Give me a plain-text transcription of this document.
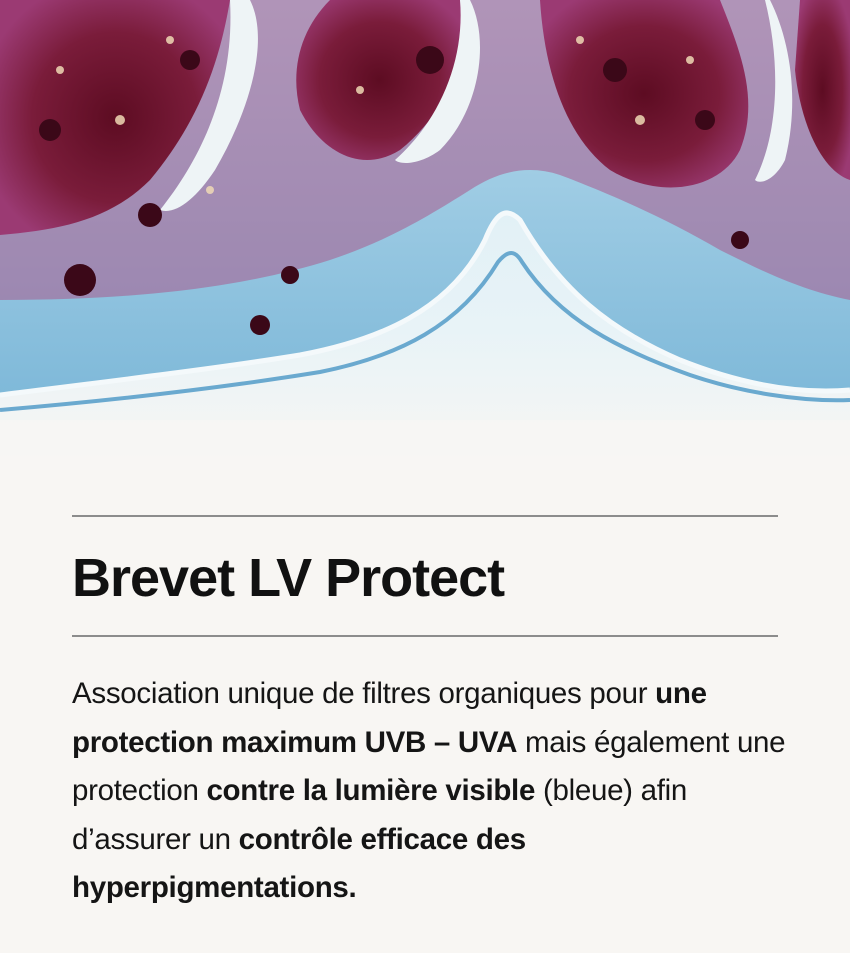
Brevet LV Protect

Association unique de filtres organiques pour une protection maximum UVB – UVA mais également une protection contre la lumière visible (bleue) afin d’assurer un contrôle efficace des hyperpigmentations.
